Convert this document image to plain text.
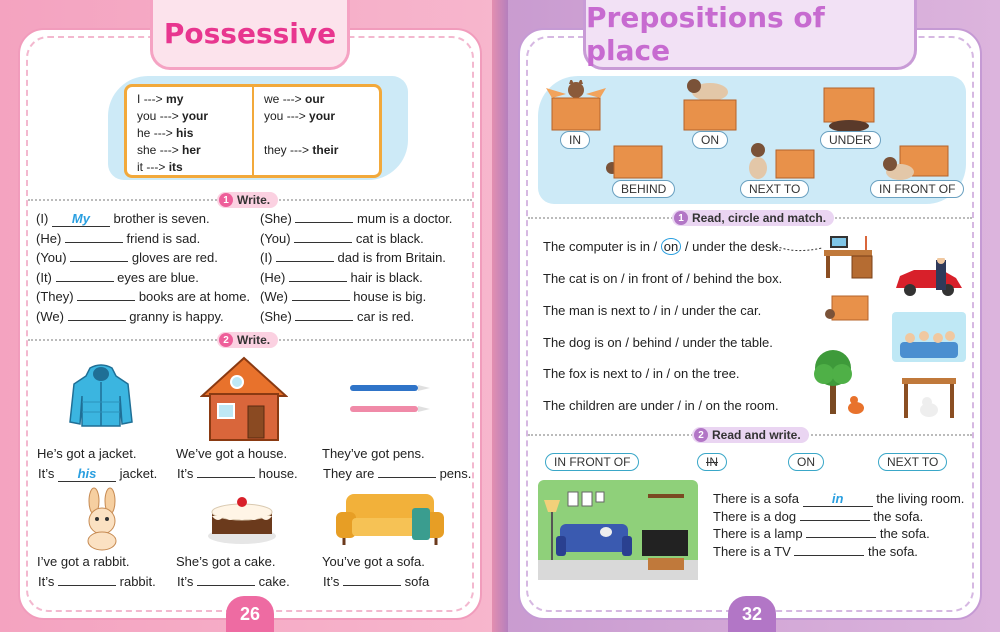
Possessive
I ---> my
you ---> your
he ---> his
she ---> her
it ---> its
we ---> our
you ---> your
they ---> their
1 Write.
(I) My brother is seven.
(He)	friend is sad.
(You)	gloves are red.
(It)	eyes are blue.
(They)	books are at home.
(We)	granny is happy.
(She)	mum is a doctor.
(You)	cat is black.
(I)	dad is from Britain.
(He)	hair is black.
(We)	house is big.
(She)	car is red.
2 Write.
He’s got a jacket.
It’s his jacket.
We’ve got a house.
It’s	house.
They’ve got pens.
They are	pens.
I’ve got a rabbit.
It’s	rabbit.
She’s got a cake.
It’s	cake.
You’ve got a sofa.
It’s	sofa
26
Prepositions of place
IN	ON	UNDER
BEHIND	NEXT TO	IN FRONT OF
1 Read, circle and match.
The computer is in / on / under the desk.
The cat is on / in front of / behind the box.
The man is next to / in / under the car.
The dog is on / behind / under the table.
The fox is next to / in / on the tree.
The children are under / in / on the room.
2 Read and write.
IN FRONT OF	IN	ON	NEXT TO
There is a sofa	in	the living room.
There is a dog	the sofa.
There is a lamp	the sofa.
There is a TV	the sofa.
32
